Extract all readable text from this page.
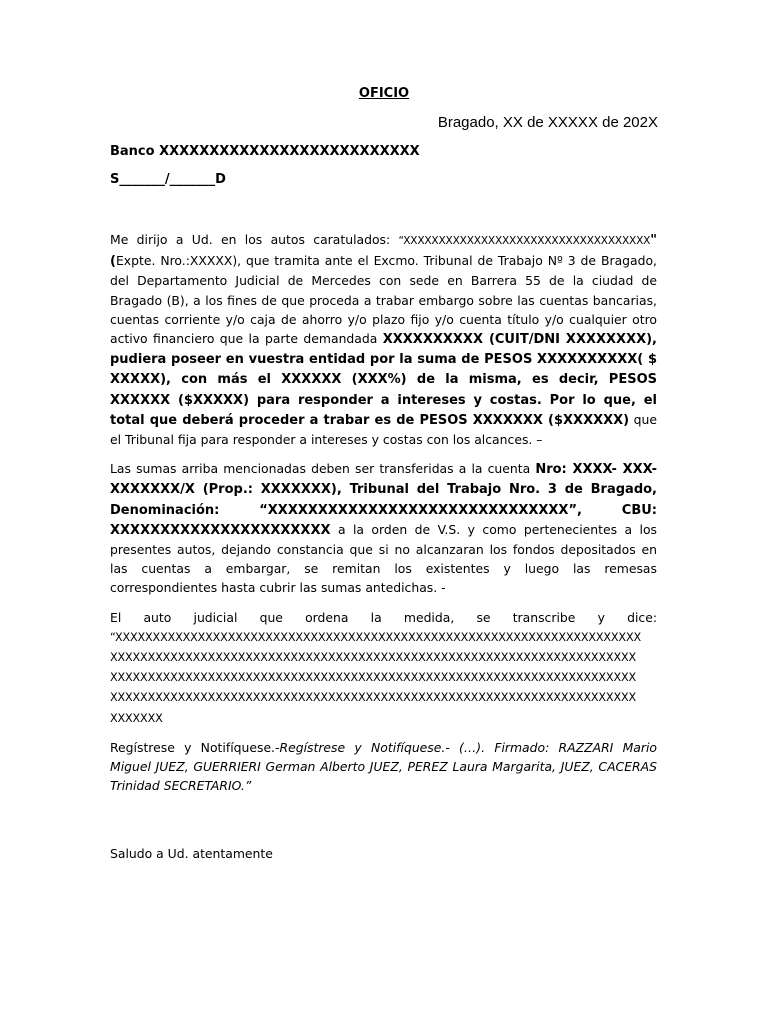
OFICIO
Bragado, XX de XXXXX de 202X
Banco XXXXXXXXXXXXXXXXXXXXXXXXXX
S_______/_______D

Me dirijo a Ud. en los autos caratulados: “XXXXXXXXXXXXXXXXXXXXXXXXXXXXXXXXXXX" (Expte. Nro.:XXXXX), que tramita ante el Excmo. Tribunal de Trabajo Nº 3 de Bragado, del Departamento Judicial de Mercedes con sede en Barrera 55 de la ciudad de Bragado (B), a los fines de que proceda a trabar embargo sobre las cuentas bancarias, cuentas corriente y/o caja de ahorro y/o plazo fijo y/o cuenta título y/o cualquier otro activo financiero que la parte demandada XXXXXXXXXX (CUIT/DNI XXXXXXXX), pudiera poseer en vuestra entidad por la suma de PESOS XXXXXXXXXX( $ XXXXX), con más el XXXXXX (XXX%) de la misma, es decir, PESOS XXXXXX ($XXXXX) para responder a intereses y costas. Por lo que, el total que deberá proceder a trabar es de PESOS XXXXXXX ($XXXXXX) que el Tribunal fija para responder a intereses y costas con los alcances. –

Las sumas arriba mencionadas deben ser transferidas a la cuenta Nro: XXXX- XXX-XXXXXXX/X (Prop.: XXXXXXX), Tribunal del Trabajo Nro. 3 de Bragado, Denominación: “XXXXXXXXXXXXXXXXXXXXXXXXXXXXXX”, CBU: XXXXXXXXXXXXXXXXXXXXXX a la orden de V.S. y como pertenecientes a los presentes autos, dejando constancia que si no alcanzaran los fondos depositados en las cuentas a embargar, se remitan los existentes y luego las remesas correspondientes hasta cubrir las sumas antedichas. -

El auto judicial que ordena la medida, se transcribe y dice: “XXXXXXXXXXXXXXXXXXXXXXXXXXXXXXXXXXXXXXXXXXXXXXXXXXXXXXXXXXXXXXXXXXXXXX XXXXXXXXXXXXXXXXXXXXXXXXXXXXXXXXXXXXXXXXXXXXXXXXXXXXXXXXXXXXXXXXXXXXXX XXXXXXXXXXXXXXXXXXXXXXXXXXXXXXXXXXXXXXXXXXXXXXXXXXXXXXXXXXXXXXXXXXXXXX XXXXXXXXXXXXXXXXXXXXXXXXXXXXXXXXXXXXXXXXXXXXXXXXXXXXXXXXXXXXXXXXXXXXXX XXXXXXX

Regístrese y Notifíquese.-Regístrese y Notifíquese.- (…). Firmado: RAZZARI Mario Miguel JUEZ, GUERRIERI German Alberto JUEZ, PEREZ Laura Margarita, JUEZ, CACERAS Trinidad SECRETARIO.”

Saludo a Ud. atentamente
